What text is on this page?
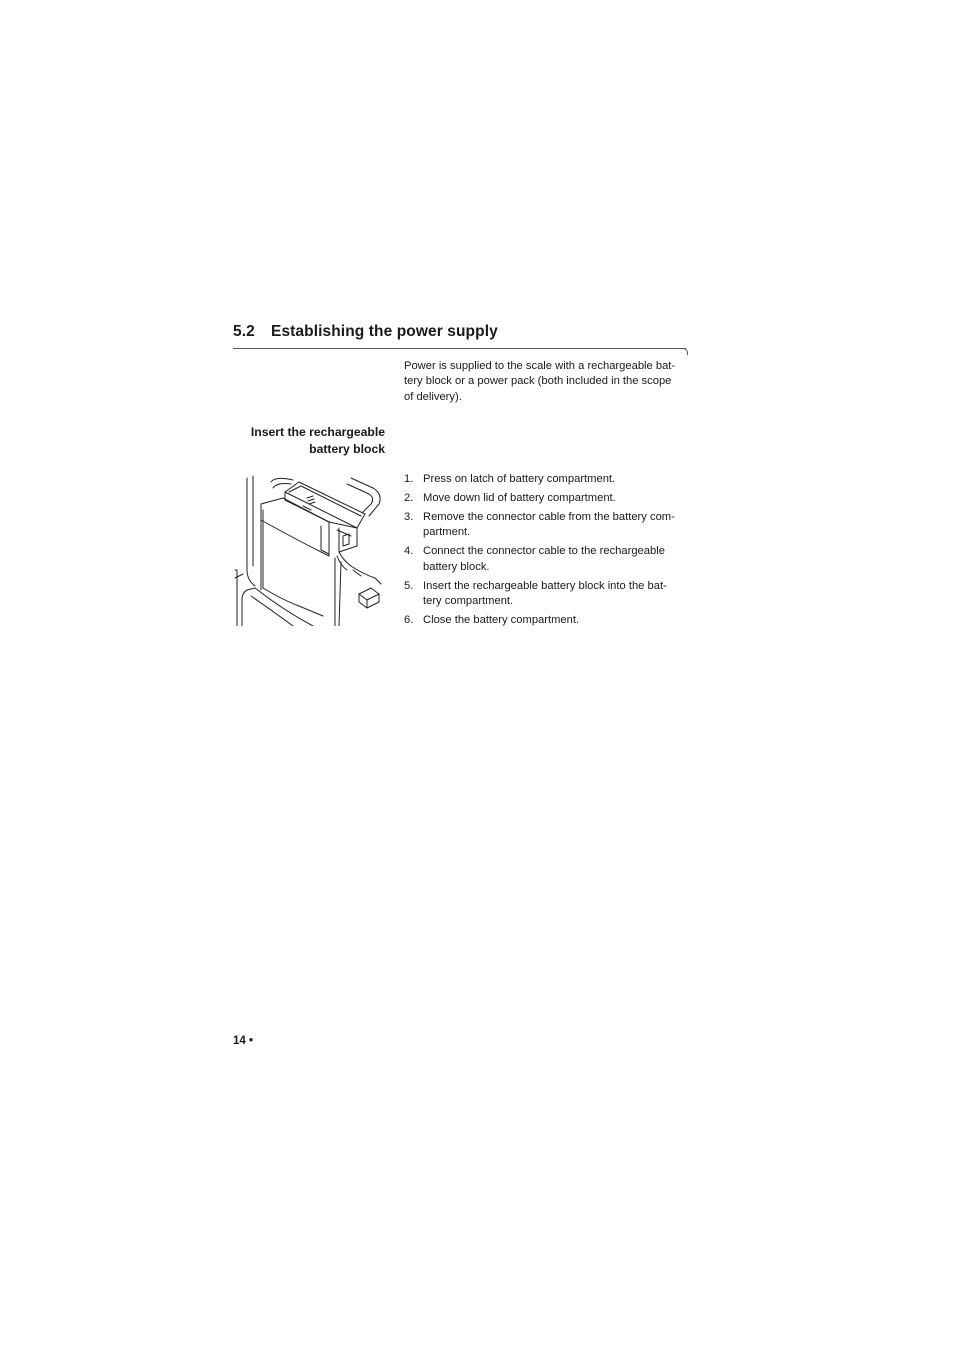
5.2 Establishing the power supply
Power is supplied to the scale with a rechargeable bat-
tery block or a power pack (both included in the scope
of delivery).
Insert the rechargeable
battery block
1. Press on latch of battery compartment.
2. Move down lid of battery compartment.
3. Remove the connector cable from the battery com-
partment.
4. Connect the connector cable to the rechargeable
battery block.
5. Insert the rechargeable battery block into the bat-
tery compartment.
6. Close the battery compartment.
14 •
